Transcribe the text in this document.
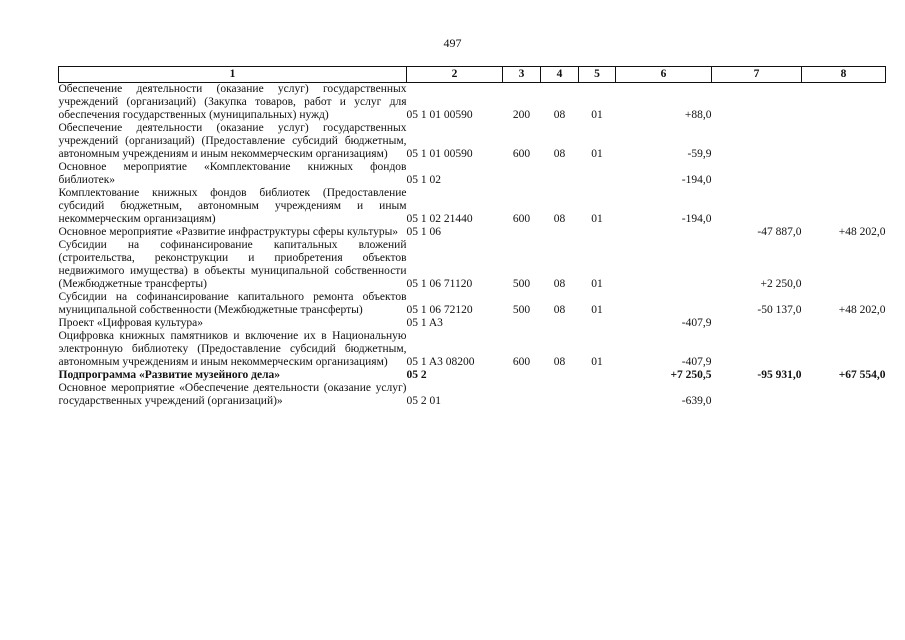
497
1	2	3	4	5	6	7	8
Обеспечение деятельности (оказание услуг) государственных учреждений (организаций) (Закупка товаров, работ и услуг для обеспечения государственных (муниципальных) нужд)	05 1 01 00590	200	08	01	+88,0		
Обеспечение деятельности (оказание услуг) государственных учреждений (организаций) (Предоставление субсидий бюджетным, автономным учреждениям и иным некоммерческим организациям)	05 1 01 00590	600	08	01	-59,9		
Основное мероприятие «Комплектование книжных фондов библиотек»	05 1 02				-194,0		
Комплектование книжных фондов библиотек (Предоставление субсидий бюджетным, автономным учреждениям и иным некоммерческим организациям)	05 1 02 21440	600	08	01	-194,0		
Основное мероприятие «Развитие инфраструктуры сферы культуры»	05 1 06					-47 887,0	+48 202,0
Субсидии на софинансирование капитальных вложений (строительства, реконструкции и приобретения объектов недвижимого имущества) в объекты муниципальной собственности (Межбюджетные трансферты)	05 1 06 71120	500	08	01		+2 250,0	
Субсидии на софинансирование капитального ремонта объектов муниципальной собственности (Межбюджетные трансферты)	05 1 06 72120	500	08	01		-50 137,0	+48 202,0
Проект «Цифровая культура»	05 1 A3				-407,9		
Оцифровка книжных памятников и включение их в Национальную электронную библиотеку (Предоставление субсидий бюджетным, автономным учреждениям и иным некоммерческим организациям)	05 1 A3 08200	600	08	01	-407,9		
Подпрограмма «Развитие музейного дела»	05 2				+7 250,5	-95 931,0	+67 554,0
Основное мероприятие «Обеспечение деятельности (оказание услуг) государственных учреждений (организаций)»	05 2 01				-639,0		
